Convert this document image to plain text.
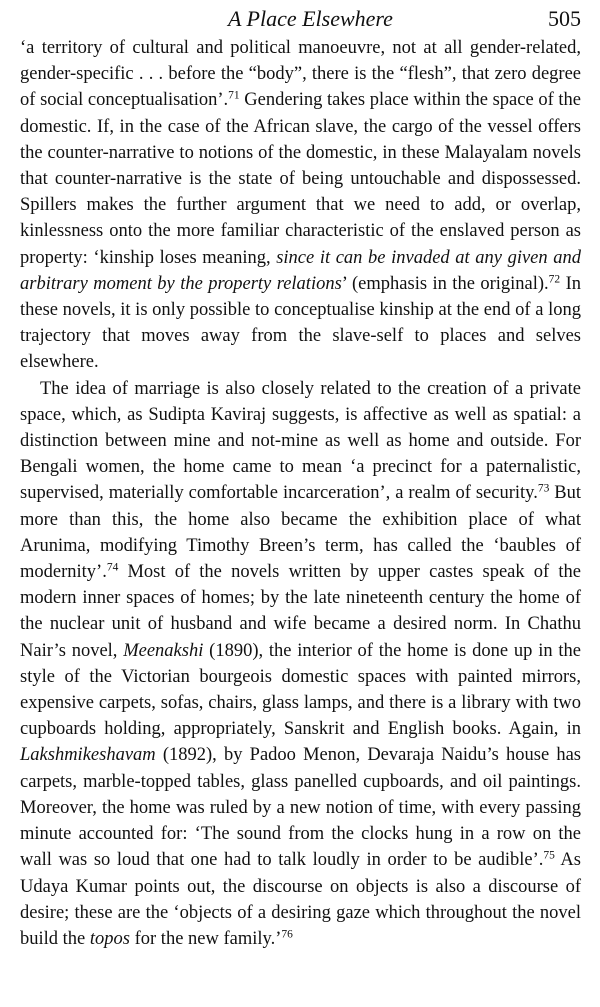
A Place Elsewhere	505

‘a territory of cultural and political manoeuvre, not at all gender-related, gender-specific . . . before the “body”, there is the “flesh”, that zero degree of social conceptualisation’.$^{71}$ Gendering takes place within the space of the domestic. If, in the case of the African slave, the cargo of the vessel offers the counter-narrative to notions of the domestic, in these Malayalam novels that counter-narrative is the state of being untouchable and dispossessed. Spillers makes the further argument that we need to add, or overlap, kinlessness onto the more familiar characteristic of the enslaved person as property: ‘kinship loses meaning, since it can be invaded at any given and arbitrary moment by the property relations’ (emphasis in the original).$^{72}$ In these novels, it is only possible to conceptualise kinship at the end of a long trajectory that moves away from the slave-self to places and selves elsewhere.

The idea of marriage is also closely related to the creation of a private space, which, as Sudipta Kaviraj suggests, is affective as well as spatial: a distinction between mine and not-mine as well as home and outside. For Bengali women, the home came to mean ‘a precinct for a paternalistic, supervised, materially comfortable incarceration’, a realm of security.$^{73}$ But more than this, the home also became the exhibition place of what Arunima, modifying Timothy Breen’s term, has called the ‘baubles of modernity’.$^{74}$ Most of the novels written by upper castes speak of the modern inner spaces of homes; by the late nineteenth century the home of the nuclear unit of husband and wife became a desired norm. In Chathu Nair’s novel, Meenakshi (1890), the interior of the home is done up in the style of the Victorian bourgeois domestic spaces with painted mirrors, expensive carpets, sofas, chairs, glass lamps, and there is a library with two cupboards holding, appropriately, Sanskrit and English books. Again, in Lakshmikeshavam (1892), by Padoo Menon, Devaraja Naidu’s house has carpets, marble-topped tables, glass panelled cupboards, and oil paintings. Moreover, the home was ruled by a new notion of time, with every passing minute accounted for: ‘The sound from the clocks hung in a row on the wall was so loud that one had to talk loudly in order to be audible’.$^{75}$ As Udaya Kumar points out, the discourse on objects is also a discourse of desire; these are the ‘objects of a desiring gaze which throughout the novel build the topos for the new family.’$^{76}$
